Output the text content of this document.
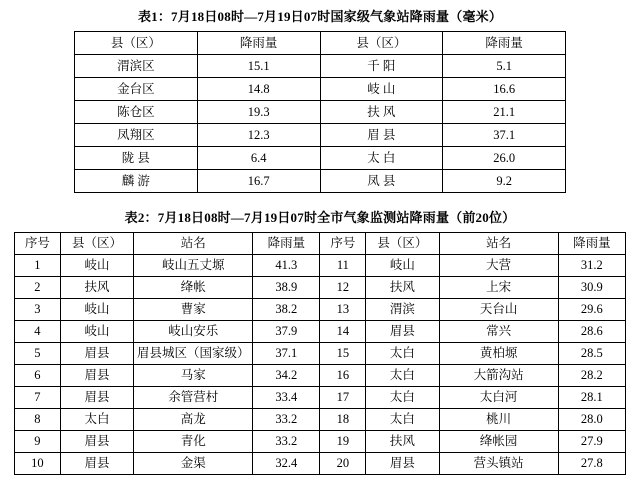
表1：7月18日08时—7月19日07时国家级气象站降雨量（毫米）
县（区）	降雨量	县（区）	降雨量
渭滨区	15.1	千 阳	5.1
金台区	14.8	岐 山	16.6
陈仓区	19.3	扶 风	21.1
凤翔区	12.3	眉 县	37.1
陇 县	6.4	太 白	26.0
麟 游	16.7	凤 县	9.2
表2：7月18日08时—7月19日07时全市气象监测站降雨量（前20位）
序号	县（区）	站名	降雨量	序号	县（区）	站名	降雨量
1	岐山	岐山五丈塬	41.3	11	岐山	大营	31.2
2	扶风	绛帐	38.9	12	扶风	上宋	30.9
3	岐山	曹家	38.2	13	渭滨	天台山	29.6
4	岐山	岐山安乐	37.9	14	眉县	常兴	28.6
5	眉县	眉县城区（国家级）	37.1	15	太白	黄柏塬	28.5
6	眉县	马家	34.2	16	太白	大箭沟站	28.2
7	眉县	余管营村	33.4	17	太白	太白河	28.1
8	太白	高龙	33.2	18	太白	桃川	28.0
9	眉县	青化	33.2	19	扶风	绛帐园	27.9
10	眉县	金渠	32.4	20	眉县	营头镇站	27.8
